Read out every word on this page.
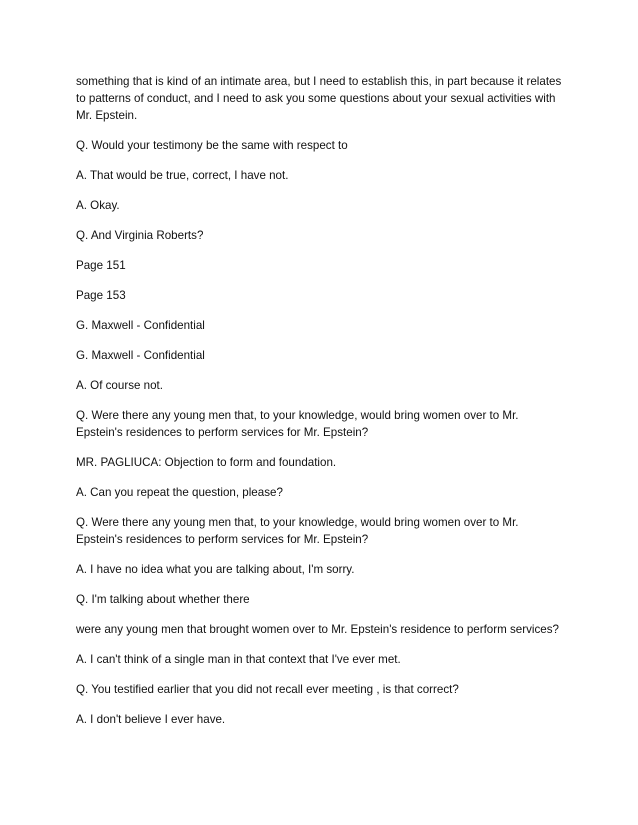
something that is kind of an intimate area, but I need to establish this, in part because it relates
to patterns of conduct, and I need to ask you some questions about your sexual activities with
Mr. Epstein.

Q. Would your testimony be the same with respect to

A. That would be true, correct, I have not.

A. Okay.

Q. And Virginia Roberts?

Page 151

Page 153

G. Maxwell - Confidential

G. Maxwell - Confidential

A. Of course not.

Q. Were there any young men that, to your knowledge, would bring women over to Mr.
Epstein's residences to perform services for Mr. Epstein?

MR. PAGLIUCA: Objection to form and foundation.

A. Can you repeat the question, please?

Q. Were there any young men that, to your knowledge, would bring women over to Mr.
Epstein's residences to perform services for Mr. Epstein?

A. I have no idea what you are talking about, I'm sorry.

Q. I'm talking about whether there

were any young men that brought women over to Mr. Epstein's residence to perform services?

A. I can't think of a single man in that context that I've ever met.

Q. You testified earlier that you did not recall ever meeting , is that correct?

A. I don't believe I ever have.
